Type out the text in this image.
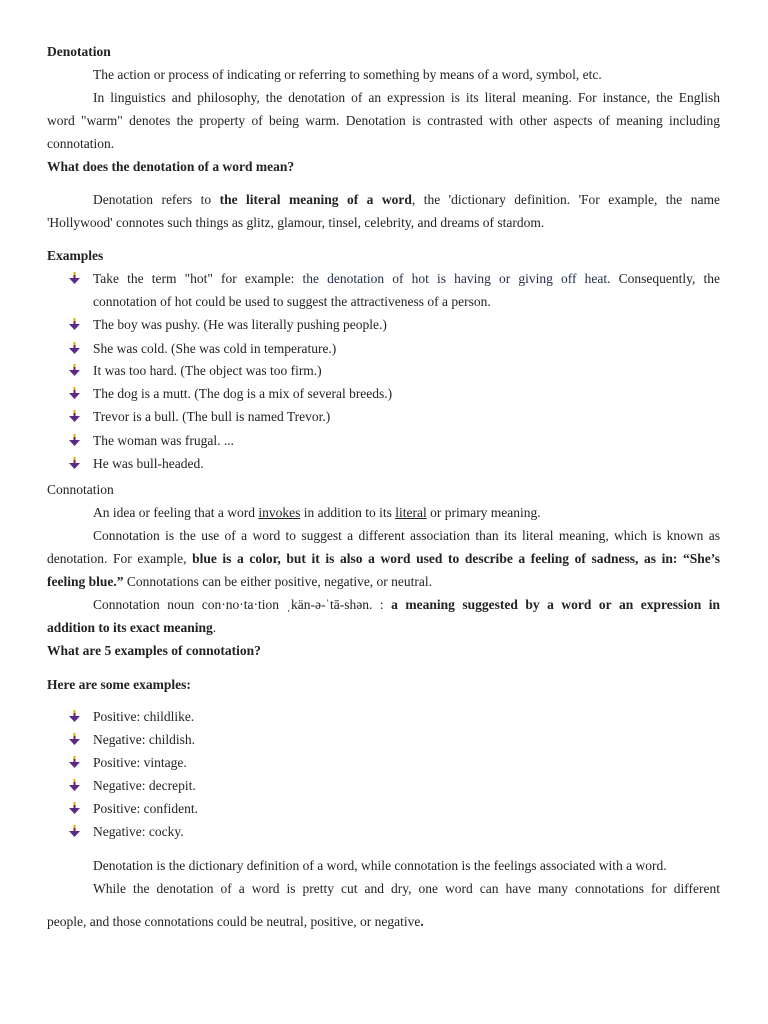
Denotation
The action or process of indicating or referring to something by means of a word, symbol, etc.
In linguistics and philosophy, the denotation of an expression is its literal meaning. For instance, the English
word "warm" denotes the property of being warm. Denotation is contrasted with other aspects of meaning including
connotation.
What does the denotation of a word mean?
Denotation refers to the literal meaning of a word, the 'dictionary definition. 'For example, the name
'Hollywood' connotes such things as glitz, glamour, tinsel, celebrity, and dreams of stardom.
Examples
Take the term "hot" for example: the denotation of hot is having or giving off heat. Consequently, the
connotation of hot could be used to suggest the attractiveness of a person.
The boy was pushy. (He was literally pushing people.)
She was cold. (She was cold in temperature.)
It was too hard. (The object was too firm.)
The dog is a mutt. (The dog is a mix of several breeds.)
Trevor is a bull. (The bull is named Trevor.)
The woman was frugal. ...
He was bull-headed.
Connotation
An idea or feeling that a word invokes in addition to its literal or primary meaning.
Connotation is the use of a word to suggest a different association than its literal meaning, which is known as
denotation. For example, blue is a color, but it is also a word used to describe a feeling of sadness, as in: “She’s
feeling blue.” Connotations can be either positive, negative, or neutral.
Connotation noun con·no·ta·tion ˌkän-ə-ˈtā-shən. : a meaning suggested by a word or an expression in
addition to its exact meaning.
What are 5 examples of connotation?
Here are some examples:
Positive: childlike.
Negative: childish.
Positive: vintage.
Negative: decrepit.
Positive: confident.
Negative: cocky.
Denotation is the dictionary definition of a word, while connotation is the feelings associated with a word.
While the denotation of a word is pretty cut and dry, one word can have many connotations for different
people, and those connotations could be neutral, positive, or negative.
